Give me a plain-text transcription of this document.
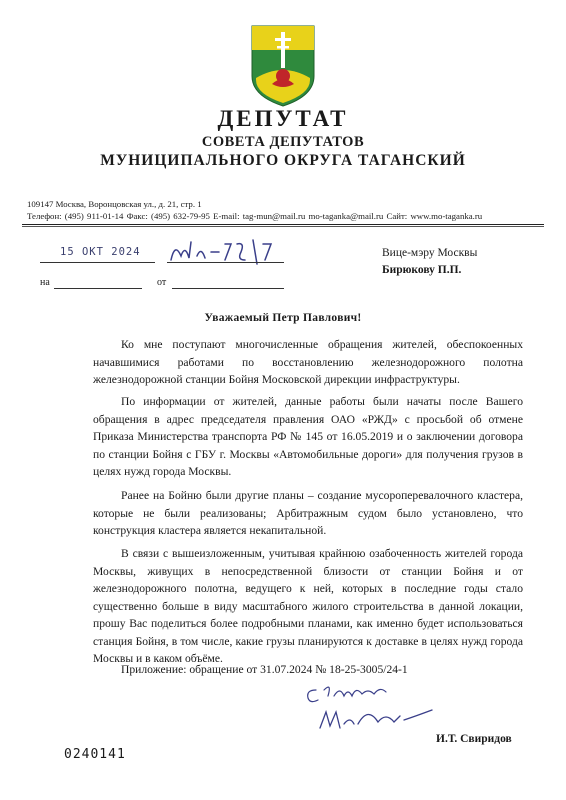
ДЕПУТАТ
СОВЕТА ДЕПУТАТОВ
МУНИЦИПАЛЬНОГО ОКРУГА ТАГАНСКИЙ
109147 Москва, Воронцовская ул., д. 21, стр. 1
Телефон: (495) 911-01-14 Факс: (495) 632-79-95 E-mail: tag-mun@mail.ru mo-taganka@mail.ru Сайт: www.mo-taganka.ru
15 ОКТ 2024
на	от
Вице-мэру Москвы
Бирюкову П.П.
Уважаемый Петр Павлович!
Ко мне поступают многочисленные обращения жителей, обеспокоенных начавшимися работами по восстановлению железнодорожного полотна железнодорожной станции Бойня Московской дирекции инфраструктуры.
По информации от жителей, данные работы были начаты после Вашего обращения в адрес председателя правления ОАО «РЖД» с просьбой об отмене Приказа Министерства транспорта РФ № 145 от 16.05.2019 и о заключении договора по станции Бойня с ГБУ г. Москвы «Автомобильные дороги» для получения грузов в целях нужд города Москвы.
Ранее на Бойню были другие планы – создание мусороперевалочного кластера, которые не были реализованы; Арбитражным судом было установлено, что конструкция кластера является некапитальной.
В связи с вышеизложенным, учитывая крайнюю озабоченность жителей города Москвы, живущих в непосредственной близости от станции Бойня и от железнодорожного полотна, ведущего к ней, которых в последние годы стало существенно больше в виду масштабного жилого строительства в данной локации, прошу Вас поделиться более подробными планами, как именно будет использоваться станция Бойня, в том числе, какие грузы планируются к доставке в целях нужд города Москвы и в каком объёме.
Приложение: обращение от 31.07.2024 № 18-25-3005/24-1
И.Т. Свиридов
0240141
